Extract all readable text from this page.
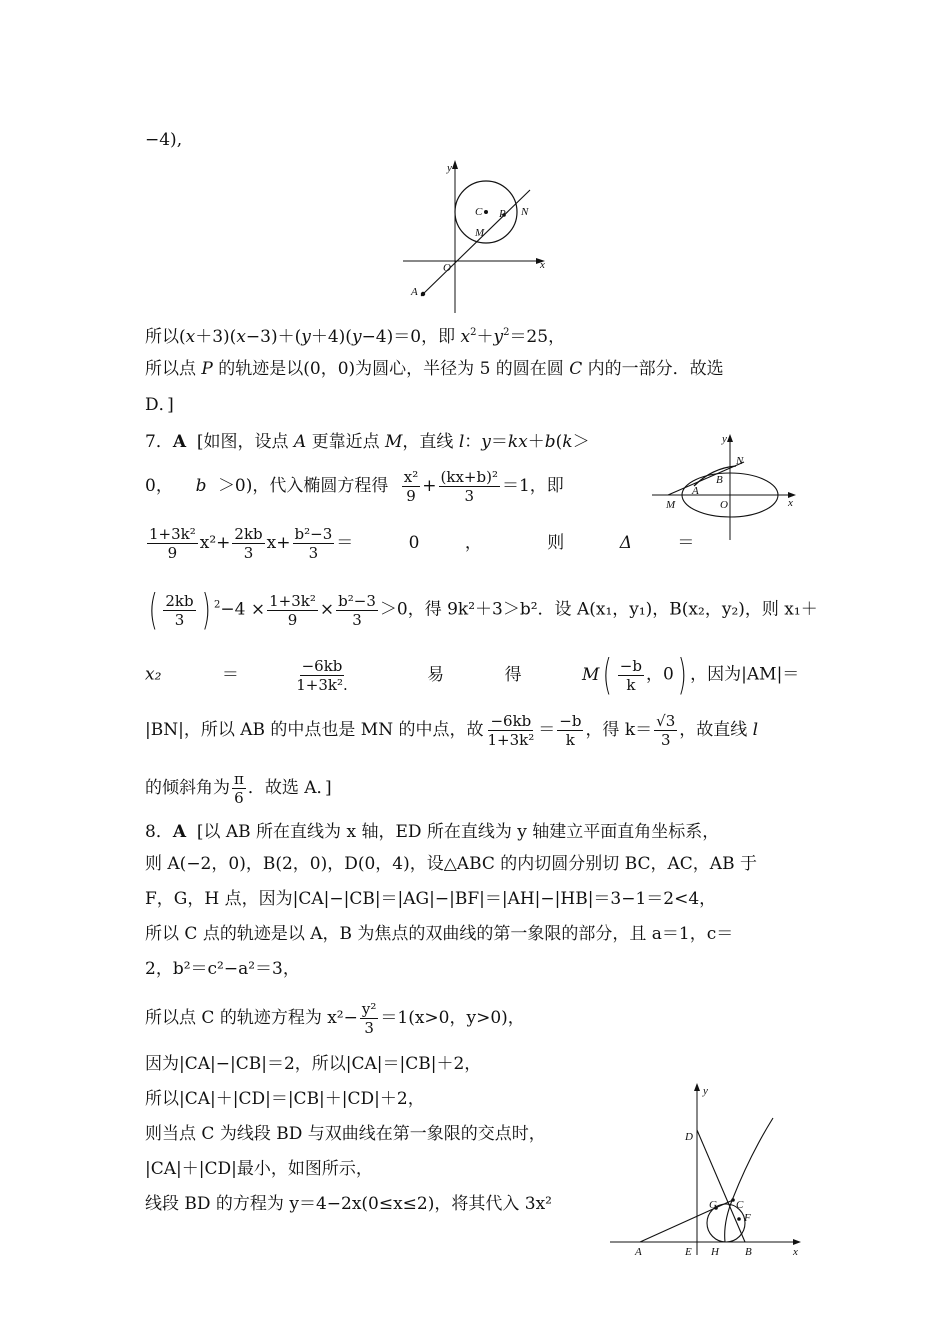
−4),
y
x
O
C P N
M
A
所以(x＋3)(x−3)＋(y＋4)(y−4)＝0，即 $x^2+y^2=25$，
所以点 P 的轨迹是以(0，0)为圆心，半径为 5 的圆在圆 C 内的一部分．故选
D．]
7．A [如图，设点 A 更靠近点 M，直线 l：y＝kx＋b(k＞
0， b ＞0)，代入椭圆方程得 $\frac{\text{x²}}{9} + \frac{\text{(kx+b)²}}{3} =1$，即
y
x
N
B
A
M	O
$\frac{\text{1+3k²}}{9} x^2+ \frac{2kb}{3} x+ \frac{\text{b²−3}}{3}$ ＝	0	，	则	Δ	＝
( $\frac{2kb}{3}$ ) $^2-4 \times \frac{\text{1+3k²}}{9} \times \frac{\text{b²−3}}{3} >0$，得 9k²＋3＞b²．设 A(x₁，y₁)，B(x₂，y₂)，则 x₁＋
x₂	＝	$\frac{-6kb}{\text{1+3k².}}$	易	得	$M( \frac{-b}{k}$ ，0) ，因为|AM|＝
|BN|，所以 AB 的中点也是 MN 的中点，故 $\frac{-6kb}{\text{1+3k²}} = \frac{-b}{k}$ ，得 $k= \frac{√3}{3}$ ，故直线 l
的倾斜角为 $\frac{\pi}{6}$ ．故选 A．]
8．A [以 AB 所在直线为 x 轴，ED 所在直线为 y 轴建立平面直角坐标系，
则 A(−2，0)，B(2，0)，D(0，4)，设△ABC 的内切圆分别切 BC，AC，AB 于
F，G，H 点，因为|CA|−|CB|＝|AG|−|BF|＝|AH|−|HB|＝3−1＝2<4，
所以 C 点的轨迹是以 A，B 为焦点的双曲线的第一象限的部分，且 a＝1，c＝
2，b²＝c²−a²＝3，
所以点 C 的轨迹方程为 $x^2- \frac{\text{y²}}{3} =1(x>0$，y>0)，
因为|CA|−|CB|＝2，所以|CA|＝|CB|＋2，
所以|CA|＋|CD|＝|CB|＋|CD|＋2，
则当点 C 为线段 BD 与双曲线在第一象限的交点时，
|CA|＋|CD|最小，如图所示，
线段 BD 的方程为 y＝4−2x(0≤x≤2)，将其代入 3x²
y
x
D
G C
F
A	E H B
